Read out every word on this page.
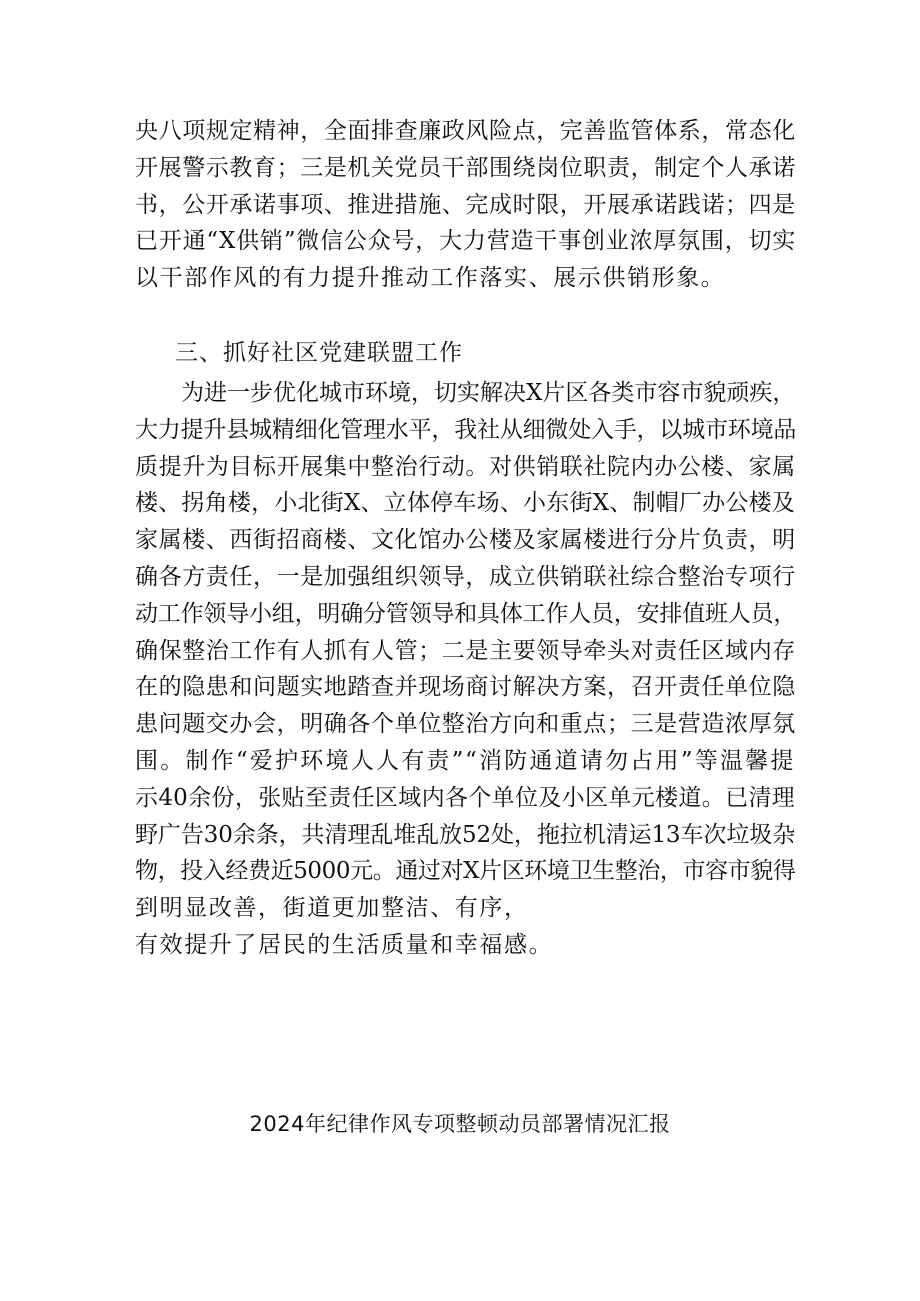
央八项规定精神，全面排查廉政风险点，完善监管体系，常态化
开展警示教育；三是机关党员干部围绕岗位职责，制定个人承诺
书，公开承诺事项、推进措施、完成时限，开展承诺践诺；四是
已开通“X供销”微信公众号，大力营造干事创业浓厚氛围，切实
以干部作风的有力提升推动工作落实、展示供销形象。
三、抓好社区党建联盟工作
为进一步优化城市环境，切实解决X片区各类市容市貌顽疾，
大力提升县城精细化管理水平，我社从细微处入手，以城市环境品
质提升为目标开展集中整治行动。对供销联社院内办公楼、家属
楼、拐角楼，小北街X、立体停车场、小东街X、制帽厂办公楼及
家属楼、西街招商楼、文化馆办公楼及家属楼进行分片负责，明
确各方责任，一是加强组织领导，成立供销联社综合整治专项行
动工作领导小组，明确分管领导和具体工作人员，安排值班人员，
确保整治工作有人抓有人管；二是主要领导牵头对责任区域内存
在的隐患和问题实地踏查并现场商讨解决方案，召开责任单位隐
患问题交办会，明确各个单位整治方向和重点；三是营造浓厚氛
围。制作“爱护环境人人有责”“消防通道请勿占用”等温馨提
示40余份，张贴至责任区域内各个单位及小区单元楼道。已清理
野广告30余条，共清理乱堆乱放52处，拖拉机清运13车次垃圾杂
物，投入经费近5000元。通过对X片区环境卫生整治，市容市貌得
到明显改善，街道更加整洁、有序，
有效提升了居民的生活质量和幸福感。
2024年纪律作风专项整顿动员部署情况汇报
